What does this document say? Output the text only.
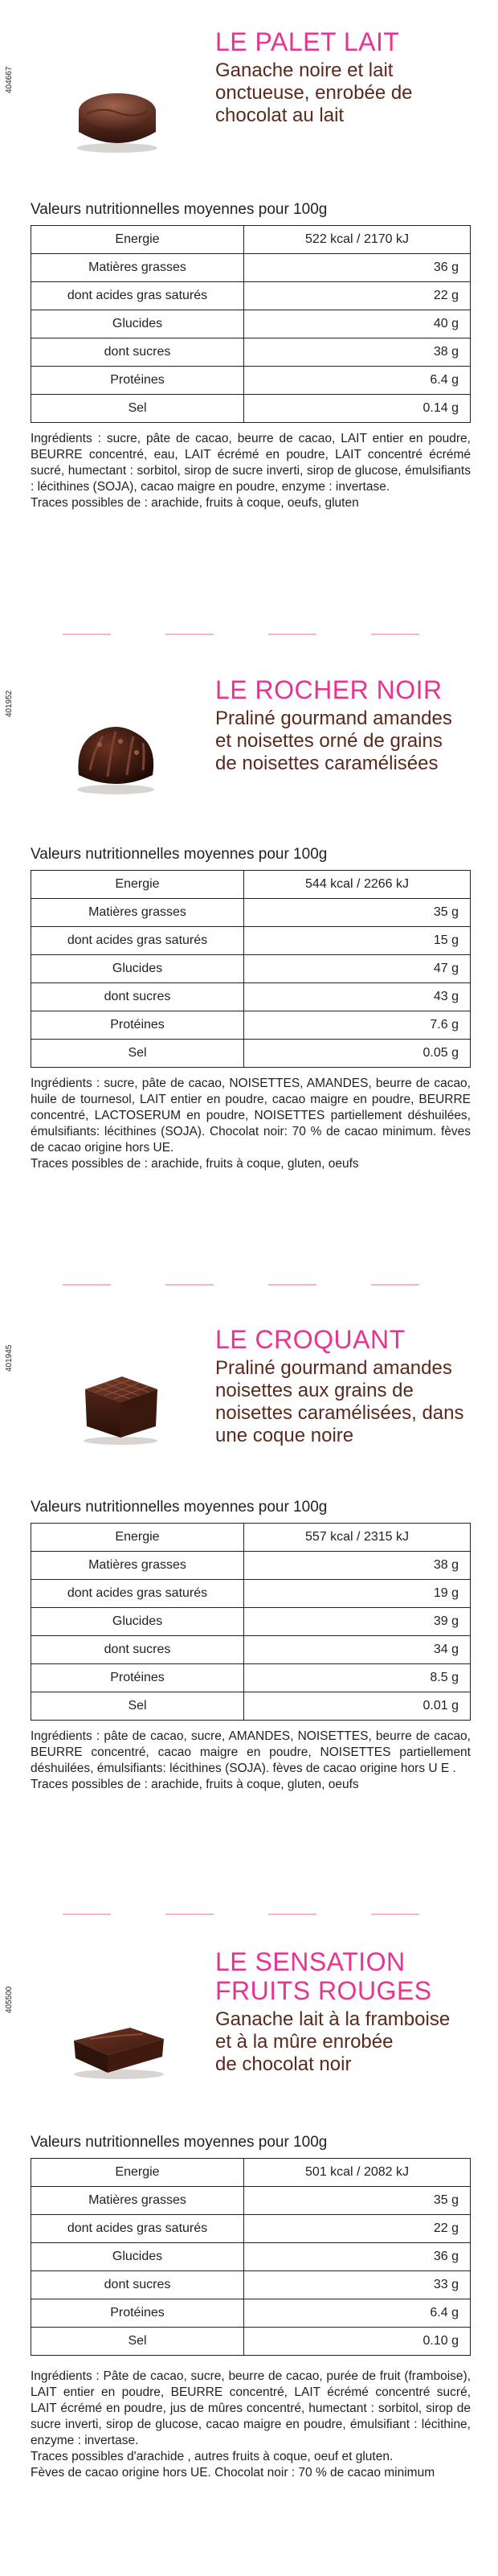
404667
LE PALET LAIT
Ganache noire et lait
onctueuse, enrobée de
chocolat au lait
Valeurs nutritionnelles moyennes pour 100g
Energie	522 kcal / 2170 kJ
Matières grasses	36 g
dont acides gras saturés	22 g
Glucides	40 g
dont sucres	38 g
Protéines	6.4 g
Sel	0.14 g
Ingrédients : sucre, pâte de cacao, beurre de cacao, LAIT entier en poudre, BEURRE concentré, eau, LAIT écrémé en poudre, LAIT concentré écrémé sucré, humectant : sorbitol, sirop de sucre inverti, sirop de glucose, émulsifiants : lécithines (SOJA), cacao maigre en poudre, enzyme : invertase.
Traces possibles de : arachide, fruits à coque, oeufs, gluten
401952	LE ROCHER NOIR
Praliné gourmand amandes
et noisettes orné de grains
de noisettes caramélisées
Valeurs nutritionnelles moyennes pour 100g
Energie	544 kcal / 2266 kJ
Matières grasses	35 g
dont acides gras saturés	15 g
Glucides	47 g
dont sucres	43 g
Protéines	7.6 g
Sel	0.05 g
Ingrédients : sucre, pâte de cacao, NOISETTES, AMANDES, beurre de cacao, huile de tournesol, LAIT entier en poudre, cacao maigre en poudre, BEURRE concentré, LACTOSERUM en poudre, NOISETTES partiellement déshuilées, émulsifiants: lécithines (SOJA). Chocolat noir: 70 % de cacao minimum. fèves de cacao origine hors UE.
Traces possibles de : arachide, fruits à coque, gluten, oeufs
401945
LE CROQUANT
Praliné gourmand amandes
noisettes aux grains de
noisettes caramélisées, dans
une coque noire
Valeurs nutritionnelles moyennes pour 100g
Energie	557 kcal / 2315 kJ
Matières grasses	38 g
dont acides gras saturés	19 g
Glucides	39 g
dont sucres	34 g
Protéines	8.5 g
Sel	0.01 g
Ingrédients : pâte de cacao, sucre, AMANDES, NOISETTES, beurre de cacao, BEURRE concentré, cacao maigre en poudre, NOISETTES partiellement déshuilées, émulsifiants: lécithines (SOJA). fèves de cacao origine hors U E .
Traces possibles de : arachide, fruits à coque, gluten, oeufs
405500
LE SENSATION
FRUITS ROUGES
Ganache lait à la framboise
et à la mûre enrobée
de chocolat noir
Valeurs nutritionnelles moyennes pour 100g
Energie	501 kcal / 2082 kJ
Matières grasses	35 g
dont acides gras saturés	22 g
Glucides	36 g
dont sucres	33 g
Protéines	6.4 g
Sel	0.10 g
Ingrédients : Pâte de cacao, sucre, beurre de cacao, purée de fruit (framboise), LAIT entier en poudre, BEURRE concentré, LAIT écrémé concentré sucré, LAIT écrémé en poudre, jus de mûres concentré, humectant : sorbitol, sirop de sucre inverti, sirop de glucose, cacao maigre en poudre, émulsifiant : lécithine, enzyme : invertase.
Traces possibles d'arachide , autres fruits à coque, oeuf et gluten.
Fèves de cacao origine hors UE. Chocolat noir : 70 % de cacao minimum
